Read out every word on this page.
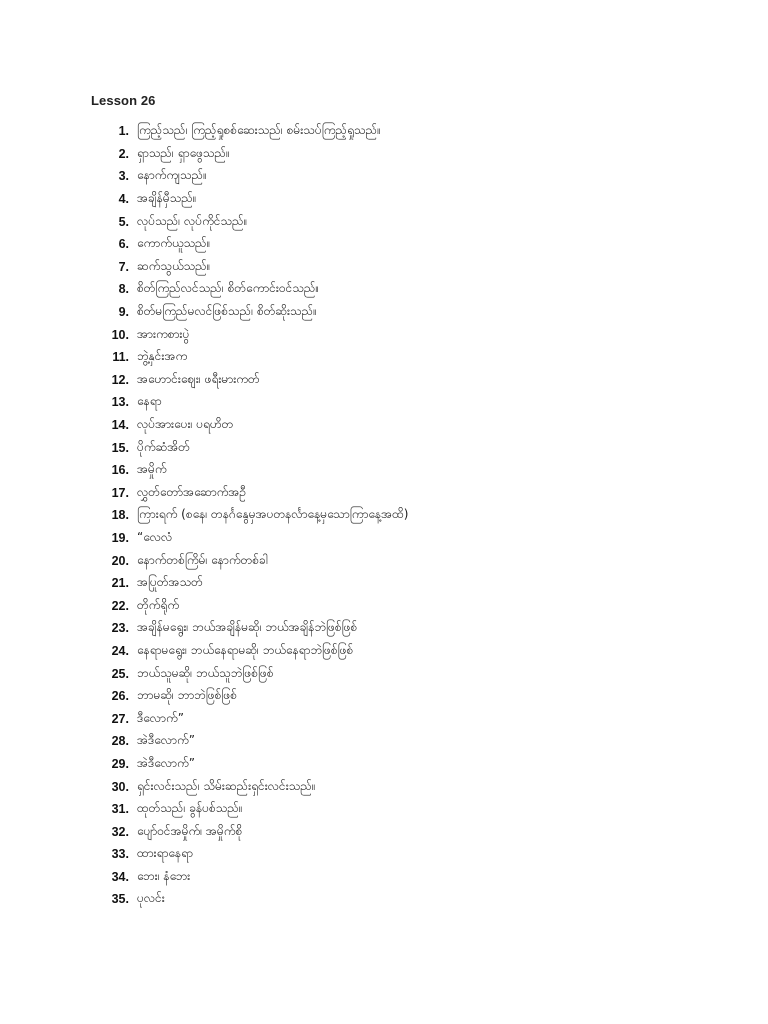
Lesson 26
1. ကြည့်သည်၊ ကြည့်ရှုစစ်ဆေးသည်၊ စမ်းသပ်ကြည့်ရှုသည်။
2. ရှာသည်၊ ရှာဖွေသည်။
3. နောက်ကျသည်။
4. အချိန်မှီသည်။
5. လုပ်သည်၊ လုပ်ကိုင်သည်။
6. ကောက်ယူသည်။
7. ဆက်သွယ်သည်။
8. စိတ်ကြည်လင်သည်၊ စိတ်ကောင်းဝင်သည်။
9. စိတ်မကြည်မလင်ဖြစ်သည်၊ စိတ်ဆိုးသည်။
10. အားကစားပွဲ
11. ဘွဲ့နှင်းအက
12. အဟောင်းဈေး၊ ဖရီးမားကတ်
13. နေရာ
14. လုပ်အားပေး၊ ပရဟိတ
15. ပိုက်ဆံအိတ်
16. အမှိုက်
17. လွှတ်တော်အဆောက်အဦ
18. ကြားရက် (စနေ၊ တနင်္ဂနွေမှအပတနင်္လာနေ့မှသောကြာနေ့အထိ)
19. “လေလံ
20. နောက်တစ်ကြိမ်၊ နောက်တစ်ခါ
21. အပြုတ်အသတ်
22. တိုက်ရိုက်
23. အချိန်မရွေး၊ ဘယ်အချိန်မဆို၊ ဘယ်အချိန်ဘဲဖြစ်ဖြစ်
24. နေရာမရွေး၊ ဘယ်နေရာမဆို၊ ဘယ်နေရာဘဲဖြစ်ဖြစ်
25. ဘယ်သူမဆို၊ ဘယ်သူဘဲဖြစ်ဖြစ်
26. ဘာမဆို၊ ဘာဘဲဖြစ်ဖြစ်
27. ဒီလောက်”
28. အဲဒီလောက်”
29. အဲဒီလောက်”
30. ရှင်းလင်းသည်၊ သိမ်းဆည်းရှင်းလင်းသည်။
31. ထုတ်သည်၊ ခွန်ပစ်သည်။
32. ပျော်ဝင်အမှိုက်၊ အမှိုက်စို
33. ထားရာနေရာ
34. ဘေး၊ နံဘေး
35. ပုလင်း
